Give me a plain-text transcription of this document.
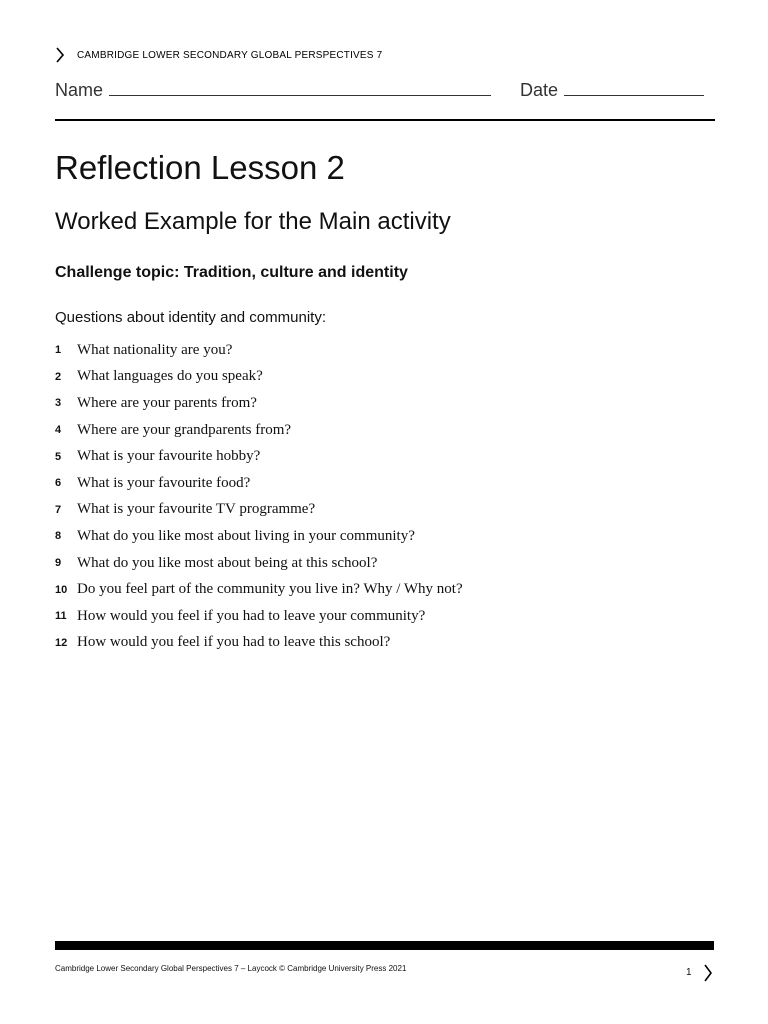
CAMBRIDGE LOWER SECONDARY GLOBAL PERSPECTIVES 7
Name	Date
Reflection Lesson 2
Worked Example for the Main activity
Challenge topic: Tradition, culture and identity
Questions about identity and community:
1	What nationality are you?
2	What languages do you speak?
3	Where are your parents from?
4	Where are your grandparents from?
5	What is your favourite hobby?
6	What is your favourite food?
7	What is your favourite TV programme?
8	What do you like most about living in your community?
9	What do you like most about being at this school?
10 Do you feel part of the community you live in? Why / Why not?
11 How would you feel if you had to leave your community?
12 How would you feel if you had to leave this school?
Cambridge Lower Secondary Global Perspectives 7 – Laycock © Cambridge University Press 2021	1
